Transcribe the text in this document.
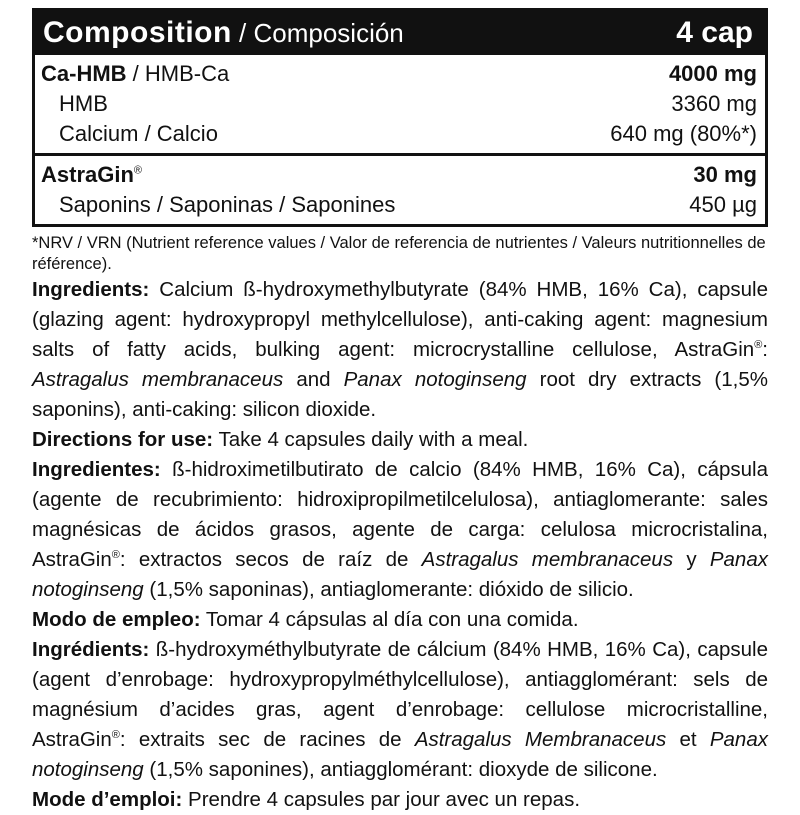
Composition / Composición	4 cap
Ca-HMB / HMB-Ca	4000 mg
HMB	3360 mg
Calcium / Calcio	640 mg (80%*)
AstraGin®	30 mg
Saponins / Saponinas / Saponines	450 µg
*NRV / VRN (Nutrient reference values / Valor de referencia de nutrientes / Valeurs nutritionnelles de référence).
Ingredients: Calcium ß-hydroxymethylbutyrate (84% HMB, 16% Ca), capsule (glazing agent: hydroxypropyl methylcellulose), anti-caking agent: magnesium salts of fatty acids, bulking agent: microcrystalline cellulose, AstraGin®: Astragalus membranaceus and Panax notoginseng root dry extracts (1,5% saponins), anti-caking: silicon dioxide.
Directions for use: Take 4 capsules daily with a meal.
Ingredientes: ß-hidroximetilbutirato de calcio (84% HMB, 16% Ca), cápsula (agente de recubrimiento: hidroxipropilmetilcelulosa), antiaglomerante: sales magnésicas de ácidos grasos, agente de carga: celulosa microcristalina, AstraGin®: extractos secos de raíz de Astragalus membranaceus y Panax notoginseng (1,5% saponinas), antiaglomerante: dióxido de silicio.
Modo de empleo: Tomar 4 cápsulas al día con una comida.
Ingrédients: ß-hydroxyméthylbutyrate de cálcium (84% HMB, 16% Ca), capsule (agent d’enrobage: hydroxypropylméthylcellulose), antiagglomérant: sels de magnésium d’acides gras, agent d’enrobage: cellulose microcristalline, AstraGin®: extraits sec de racines de Astragalus Membranaceus et Panax notoginseng (1,5% saponines), antiagglomérant: dioxyde de silicone.
Mode d’emploi: Prendre 4 capsules par jour avec un repas.
